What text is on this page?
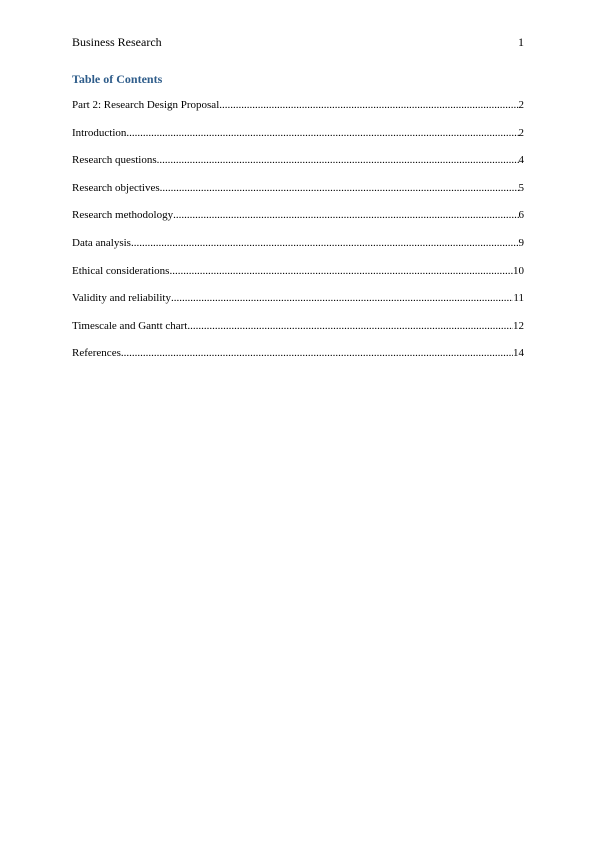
Business Research	1
Table of Contents
Part 2: Research Design Proposal .....	2
Introduction .....	2
Research questions .....	4
Research objectives .....	5
Research methodology .....	6
Data analysis .....	9
Ethical considerations .....	10
Validity and reliability .....	11
Timescale and Gantt chart .....	12
References .....	14
